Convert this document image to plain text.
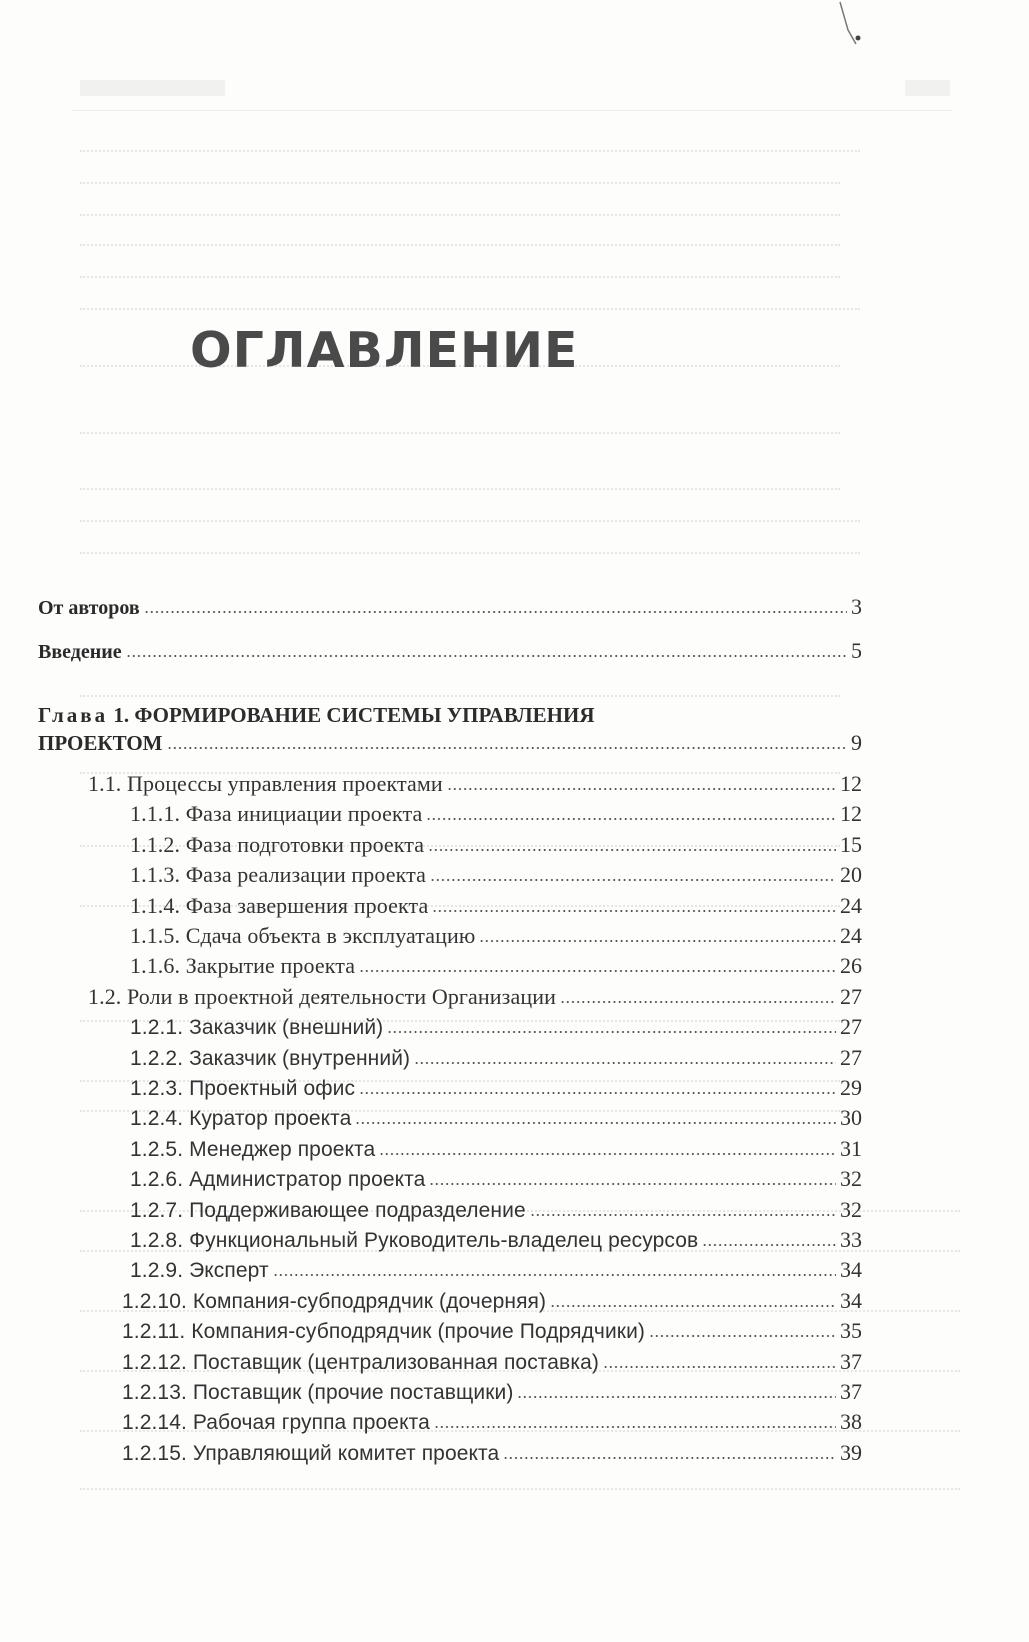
ОГЛАВЛЕНИЕ
От авторов	3
Введение	5
Глава 1. ФОРМИРОВАНИЕ СИСТЕМЫ УПРАВЛЕНИЯ
ПРОЕКТОМ	9
1.1. Процессы управления проектами	12
1.1.1. Фаза инициации проекта	12
1.1.2. Фаза подготовки проекта	15
1.1.3. Фаза реализации проекта	20
1.1.4. Фаза завершения проекта	24
1.1.5. Сдача объекта в эксплуатацию	24
1.1.6. Закрытие проекта	26
1.2. Роли в проектной деятельности Организации	27
1.2.1. Заказчик (внешний)	27
1.2.2. Заказчик (внутренний)	27
1.2.3. Проектный офис	29
1.2.4. Куратор проекта	30
1.2.5. Менеджер проекта	31
1.2.6. Администратор проекта	32
1.2.7. Поддерживающее подразделение	32
1.2.8. Функциональный Руководитель-владелец ресурсов	33
1.2.9. Эксперт	34
1.2.10. Компания-субподрядчик (дочерняя)	34
1.2.11. Компания-субподрядчик (прочие Подрядчики)	35
1.2.12. Поставщик (централизованная поставка)	37
1.2.13. Поставщик (прочие поставщики)	37
1.2.14. Рабочая группа проекта	38
1.2.15. Управляющий комитет проекта	39
